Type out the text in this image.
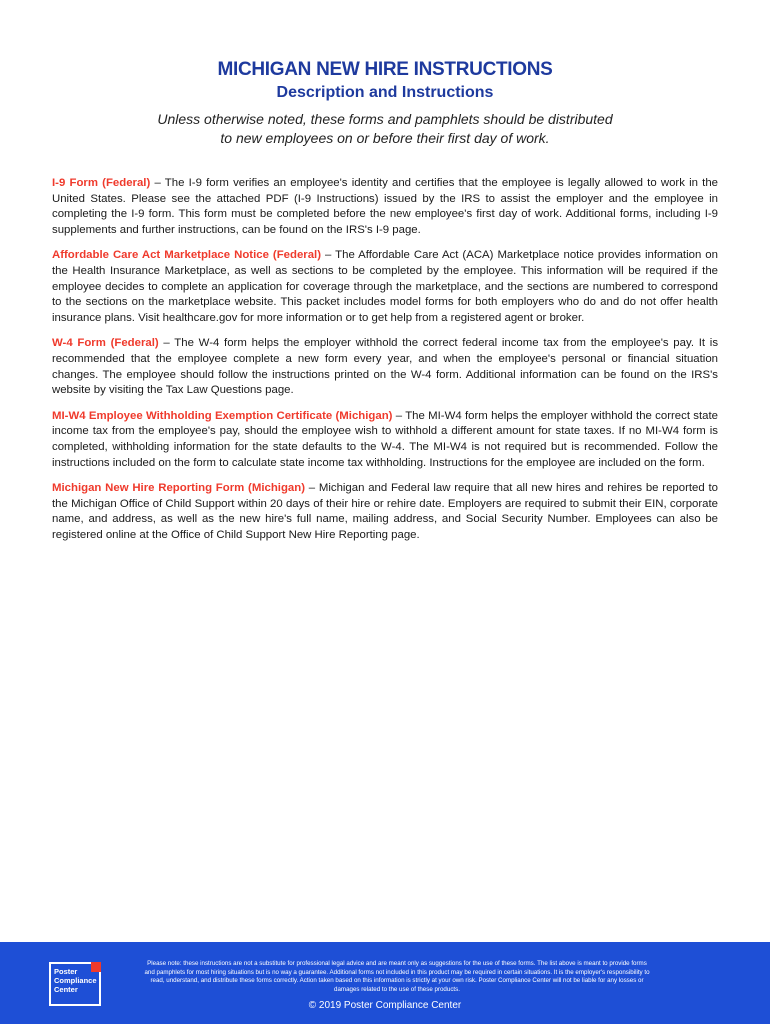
MICHIGAN NEW HIRE INSTRUCTIONS
Description and Instructions

Unless otherwise noted, these forms and pamphlets should be distributed to new employees on or before their first day of work.

I-9 Form (Federal) – The I-9 form verifies an employee's identity and certifies that the employee is legally allowed to work in the United States. Please see the attached PDF (I-9 Instructions) issued by the IRS to assist the employer and the employee in completing the I-9 form. This form must be completed before the new employee's first day of work. Additional forms, including I-9 supplements and further instructions, can be found on the IRS's I-9 page.

Affordable Care Act Marketplace Notice (Federal) – The Affordable Care Act (ACA) Marketplace notice provides information on the Health Insurance Marketplace, as well as sections to be completed by the employee. This information will be required if the employee decides to complete an application for coverage through the marketplace, and the sections are numbered to correspond to the sections on the marketplace website. This packet includes model forms for both employers who do and do not offer health insurance plans. Visit healthcare.gov for more information or to get help from a registered agent or broker.

W-4 Form (Federal) – The W-4 form helps the employer withhold the correct federal income tax from the employee's pay. It is recommended that the employee complete a new form every year, and when the employee's personal or financial situation changes. The employee should follow the instructions printed on the W-4 form. Additional information can be found on the IRS's website by visiting the Tax Law Questions page.

MI-W4 Employee Withholding Exemption Certificate (Michigan) – The MI-W4 form helps the employer withhold the correct state income tax from the employee's pay, should the employee wish to withhold a different amount for state taxes. If no MI-W4 form is completed, withholding information for the state defaults to the W-4. The MI-W4 is not required but is recommended. Follow the instructions included on the form to calculate state income tax withholding. Instructions for the employee are included on the form.

Michigan New Hire Reporting Form (Michigan) – Michigan and Federal law require that all new hires and rehires be reported to the Michigan Office of Child Support within 20 days of their hire or rehire date. Employers are required to submit their EIN, corporate name, and address, as well as the new hire's full name, mailing address, and Social Security Number. Employees can also be registered online at the Office of Child Support New Hire Reporting page.

Poster
Compliance
Center

Please note: these instructions are not a substitute for professional legal advice and are meant only as suggestions for the use of these forms. The list above is meant to provide forms and pamphlets for most hiring situations but is no way a guarantee. Additional forms not included in this product may be required in certain situations. It is the employer's responsibility to read, understand, and distribute these forms correctly. Action taken based on this information is strictly at your own risk. Poster Compliance Center will not be liable for any losses or damages related to the use of these products.

© 2019 Poster Compliance Center
